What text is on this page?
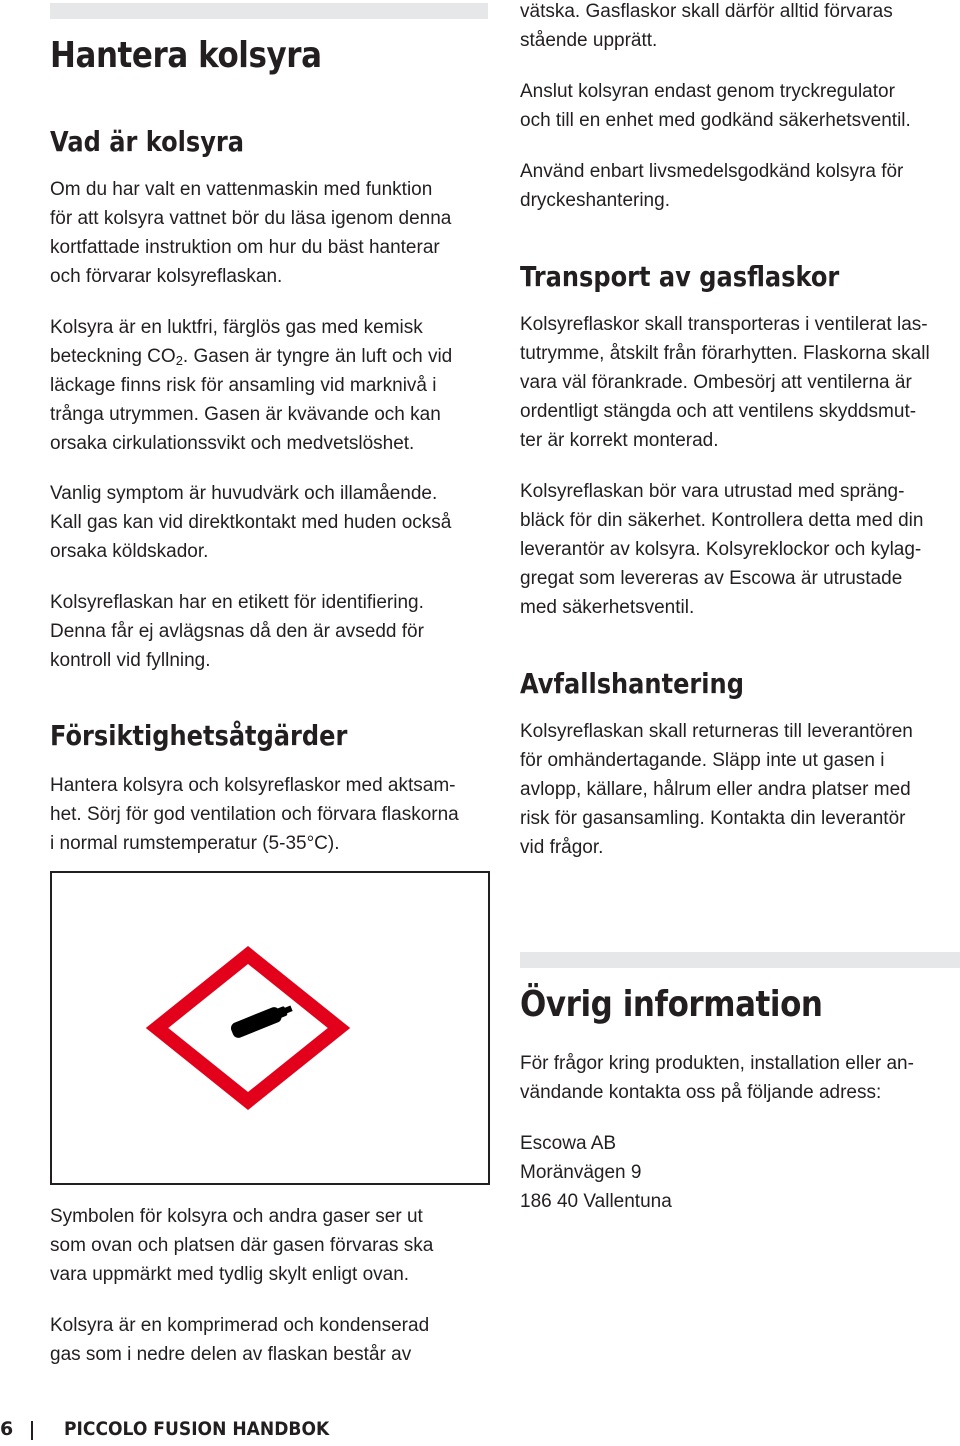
Hantera kolsyra
Vad är kolsyra

Om du har valt en vattenmaskin med funktion
för att kolsyra vattnet bör du läsa igenom denna
kortfattade instruktion om hur du bäst hanterar
och förvarar kolsyreflaskan.

Kolsyra är en luktfri, färglös gas med kemisk
beteckning $CO_2$. Gasen är tyngre än luft och vid
läckage finns risk för ansamling vid marknivå i
trånga utrymmen. Gasen är kvävande och kan
orsaka cirkulationssvikt och medvetslöshet.

Vanlig symptom är huvudvärk och illamående.
Kall gas kan vid direktkontakt med huden också
orsaka köldskador.

Kolsyreflaskan har en etikett för identifiering.
Denna får ej avlägsnas då den är avsedd för
kontroll vid fyllning.

Försiktighetsåtgärder

Hantera kolsyra och kolsyreflaskor med aktsam-
het. Sörj för god ventilation och förvara flaskorna
i normal rumstemperatur (5-35°C).

Symbolen för kolsyra och andra gaser ser ut
som ovan och platsen där gasen förvaras ska
vara uppmärkt med tydlig skylt enligt ovan.

Kolsyra är en komprimerad och kondenserad
gas som i nedre delen av flaskan består av

vätska. Gasflaskor skall därför alltid förvaras
stående upprätt.

Anslut kolsyran endast genom tryckregulator
och till en enhet med godkänd säkerhetsventil.

Använd enbart livsmedelsgodkänd kolsyra för
dryckeshantering.

Transport av gasflaskor

Kolsyreflaskor skall transporteras i ventilerat las-
tutrymme, åtskilt från förarhytten. Flaskorna skall
vara väl förankrade. Ombesörj att ventilerna är
ordentligt stängda och att ventilens skyddsmut-
ter är korrekt monterad.

Kolsyreflaskan bör vara utrustad med spräng-
bläck för din säkerhet. Kontrollera detta med din
leverantör av kolsyra. Kolsyreklockor och kylag-
gregat som levereras av Escowa är utrustade
med säkerhetsventil.

Avfallshantering

Kolsyreflaskan skall returneras till leverantören
för omhändertagande. Släpp inte ut gasen i
avlopp, källare, hålrum eller andra platser med
risk för gasansamling. Kontakta din leverantör
vid frågor.

Övrig information

För frågor kring produkten, installation eller an-
vändande kontakta oss på följande adress:

Escowa AB
Moränvägen 9
186 40 Vallentuna

6	PICCOLO FUSION HANDBOK
